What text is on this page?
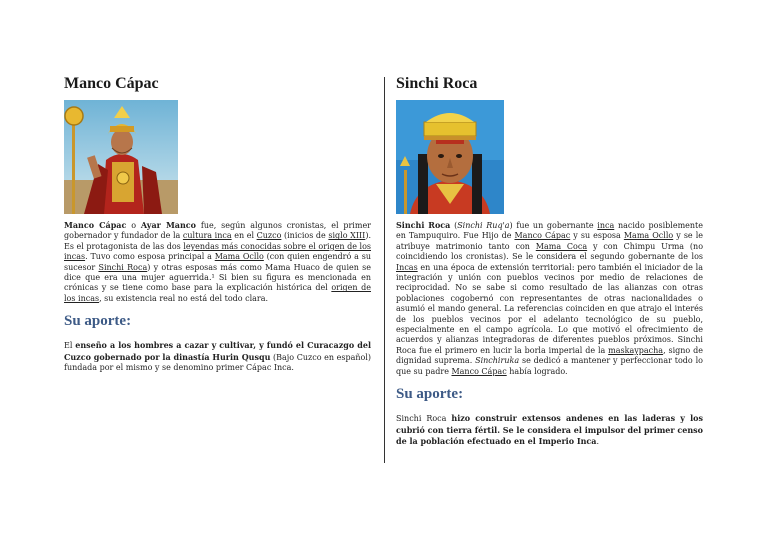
Manco Cápac

Manco Cápac o Ayar Manco fue, según algunos cronistas, el primer gobernador y fundador de la cultura inca en el Cuzco (inicios de siglo XIII). Es el protagonista de las dos leyendas más conocidas sobre el origen de los incas. Tuvo como esposa principal a Mama Ocllo (con quien engendró a su sucesor Sinchi Roca) y otras esposas más como Mama Huaco de quien se dice que era una mujer aguerrida.¹ Si bien su figura es mencionada en crónicas y se tiene como base para la explicación histórica del origen de los incas, su existencia real no está del todo clara.

Su aporte:

El enseño a los hombres a cazar y cultivar, y fundó el Curacazgo del Cuzco gobernado por la dinastía Hurin Qusqu (Bajo Cuzco en español) fundada por el mismo y se denomino primer Cápac Inca.

Sinchi Roca

Sinchi Roca (Sinchi Ruq'a) fue un gobernante inca nacido posiblemente en Tampuquiro. Fue Hijo de Manco Cápac y su esposa Mama Ocllo y se le atribuye matrimonio tanto con Mama Coca y con Chimpu Urma (no coincidiendo los cronistas). Se le considera el segundo gobernante de los Incas en una época de extensión territorial: pero también el iniciador de la integración y unión con pueblos vecinos por medio de relaciones de reciprocidad. No se sabe si como resultado de las alianzas con otras poblaciones cogobernó con representantes de otras nacionalidades o asumió el mando general. La referencias coinciden en que atrajo el interés de los pueblos vecinos por el adelanto tecnológico de su pueblo, especialmente en el campo agrícola. Lo que motivó el ofrecimiento de acuerdos y alianzas integradoras de diferentes pueblos próximos. Sinchi Roca fue el primero en lucir la borla imperial de la maskaypacha, signo de dignidad suprema. Sinchiruka se dedicó a mantener y perfeccionar todo lo que su padre Manco Cápac había logrado.

Su aporte:

Sinchi Roca hizo construir extensos andenes en las laderas y los cubrió con tierra fértil. Se le considera el impulsor del primer censo de la población efectuado en el Imperio Inca.
